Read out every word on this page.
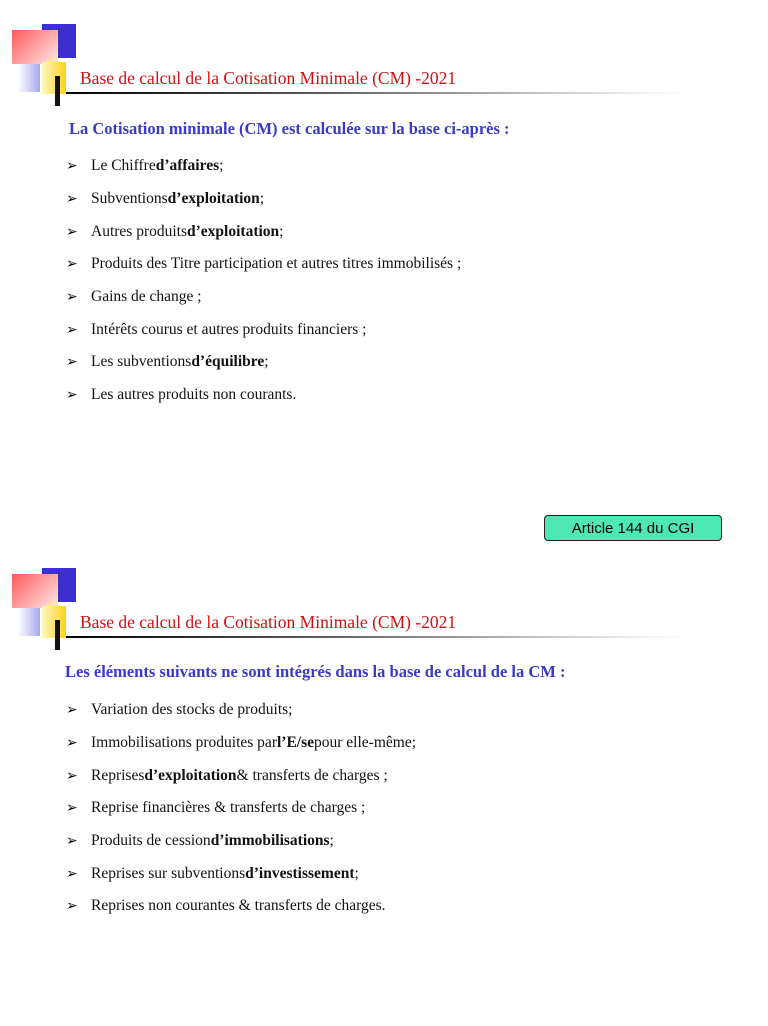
Base de calcul de la Cotisation Minimale (CM) -2021
La Cotisation minimale (CM) est calculée sur la base ci-après :
➢ Le Chiffre d’affaires ;
➢ Subventions d’exploitation ;
➢ Autres produits d’exploitation ;
➢ Produits des Titre participation et autres titres immobilisés ;
➢ Gains de change ;
➢ Intérêts courus et autres produits financiers ;
➢ Les subventions d’équilibre ;
➢ Les autres produits non courants.
Article 144 du CGI
Base de calcul de la Cotisation Minimale (CM) -2021
Les éléments suivants ne sont intégrés dans la base de calcul de la CM :
➢ Variation des stocks de produits;
➢ Immobilisations produites par l’E/se pour elle-même;
➢ Reprises d’exploitation & transferts de charges ;
➢ Reprise financières & transferts de charges ;
➢ Produits de cession d’immobilisations ;
➢ Reprises sur subventions d’investissement ;
➢ Reprises non courantes & transferts de charges.
